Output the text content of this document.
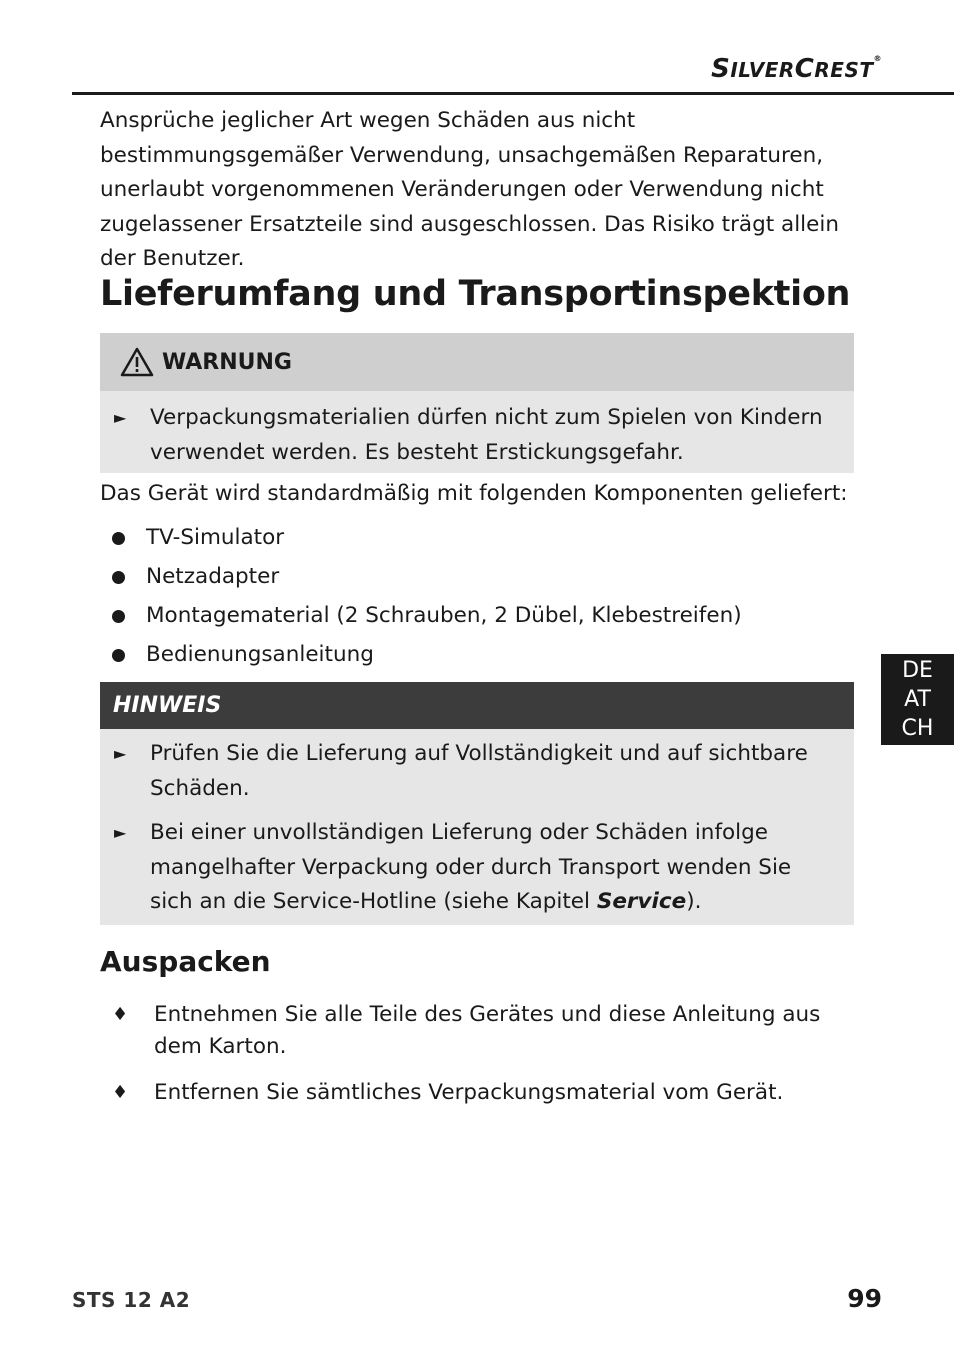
SILVERCREST®

Ansprüche jeglicher Art wegen Schäden aus nicht bestimmungsgemäßer Verwendung, unsachgemäßen Reparaturen, unerlaubt vorgenommenen Veränderungen oder Verwendung nicht zugelassener Ersatzteile sind ausgeschlossen. Das Risiko trägt allein der Benutzer.

Lieferumfang und Transportinspektion
WARNUNG
► Verpackungsmaterialien dürfen nicht zum Spielen von Kindern verwendet werden. Es besteht Erstickungsgefahr.

Das Gerät wird standardmäßig mit folgenden Komponenten geliefert:

TV-Simulator
Netzadapter
Montagematerial (2 Schrauben, 2 Dübel, Klebestreifen)
Bedienungsanleitung
HINWEIS
► Prüfen Sie die Lieferung auf Vollständigkeit und auf sichtbare Schäden.
► Bei einer unvollständigen Lieferung oder Schäden infolge mangelhafter Verpackung oder durch Transport wenden Sie sich an die Service-Hotline (siehe Kapitel Service).
DE
AT
CH
Auspacken
♦ Entnehmen Sie alle Teile des Gerätes und diese Anleitung aus dem Karton.
♦ Entfernen Sie sämtliches Verpackungsmaterial vom Gerät.
STS 12 A2	99
